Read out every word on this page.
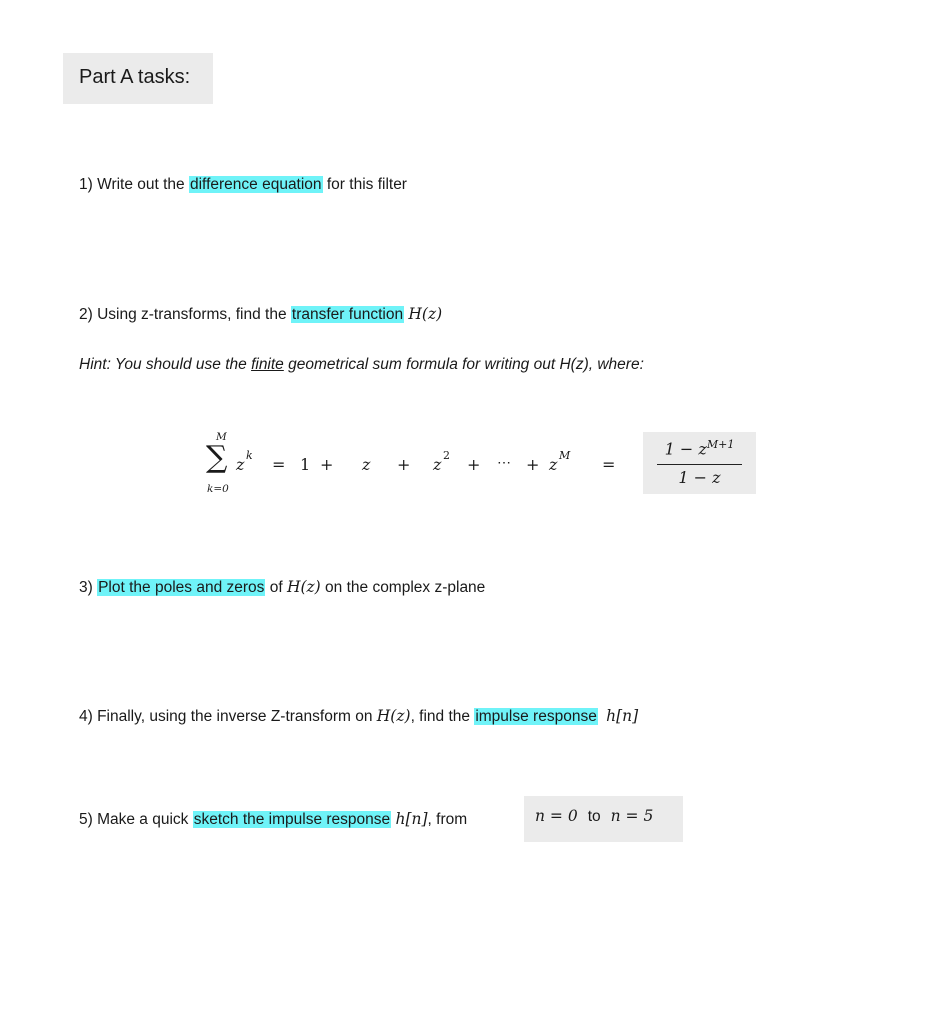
Part A tasks:
1) Write out the difference equation for this filter
2) Using z-transforms, find the transfer function H(z)
Hint: You should use the finite geometrical sum formula for writing out H(z), where:
M
∑
k=0
z k = 1 + z + z 2 + ⋯ + z M =
$1 - z^{M+1}$
1 − z
3) Plot the poles and zeros of H(z) on the complex z-plane
4) Finally, using the inverse Z-transform on H(z), find the impulse response h[n]
5) Make a quick sketch the impulse response h[n], from	n = 0 to n = 5
